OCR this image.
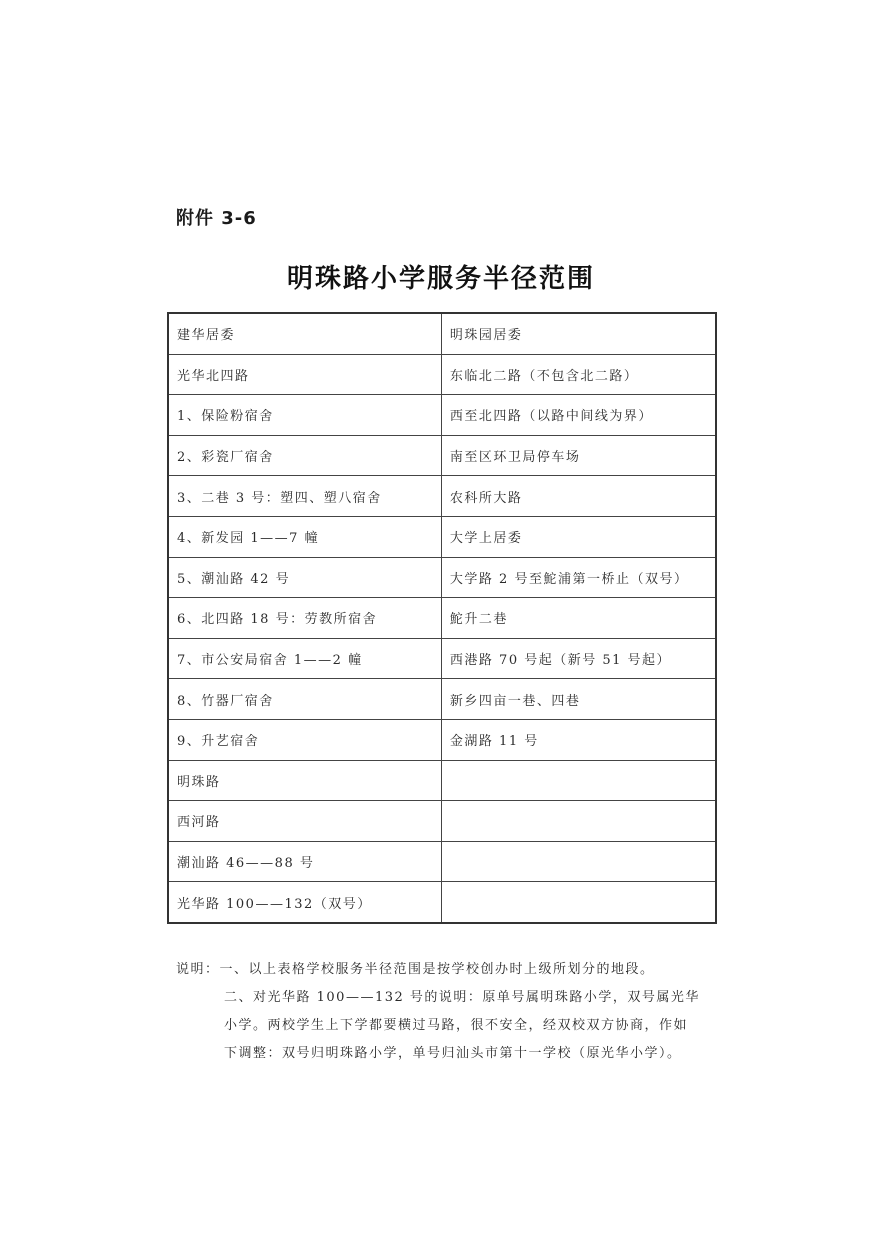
附件 3-6
明珠路小学服务半径范围
建华居委	明珠园居委
光华北四路	东临北二路（不包含北二路）
1、保险粉宿舍	西至北四路（以路中间线为界）
2、彩瓷厂宿舍	南至区环卫局停车场
3、二巷 3 号：塑四、塑八宿舍	农科所大路
4、新发园 1——7 幢	大学上居委
5、潮汕路 42 号	大学路 2 号至鮀浦第一桥止（双号）
6、北四路 18 号：劳教所宿舍	鮀升二巷
7、市公安局宿舍 1——2 幢	西港路 70 号起（新号 51 号起）
8、竹器厂宿舍	新乡四亩一巷、四巷
9、升艺宿舍	金湖路 11 号
明珠路	
西河路	
潮汕路 46——88 号	
光华路 100——132（双号）	
说明：一、以上表格学校服务半径范围是按学校创办时上级所划分的地段。
二、对光华路 100——132 号的说明：原单号属明珠路小学，双号属光华
小学。两校学生上下学都要横过马路，很不安全，经双校双方协商，作如
下调整：双号归明珠路小学，单号归汕头市第十一学校（原光华小学）。
